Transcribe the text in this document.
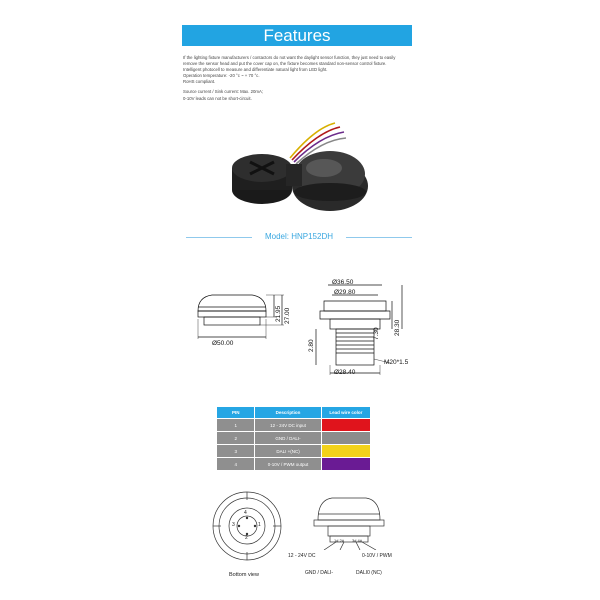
Features

If the lighting fixture manufacturers / contactors do not want the daylight sensor function, they just need to easily
remove the sensor head and put the cover cap on, the fixture becomes standard non-sensor control fixture.
Intelligent photocell to measure and differentiate natural light from LED light.
Operation temperature: -20 °c ~ + 70 °c.
RoHS compliant.

Source current / Sink current: Max. 20mA;
0-10V leads can not be short-circuit.

Model: HNP152DH
Ø50.00
21.95 27.00
Ø36.50
Ø29.80
Ø28.40
28.30
7.30
2.80
M20*1.5
PIN	Description	Lead wire color
1	12 - 24V DC input	
2	GND / DALI-	
3	DALI +(NC)	
4	0-10V / PWM output	
4
3	1
2
Bottom view
1# 2# 3# 4#
12 - 24V DC	0-10V / PWM
GND / DALI-	DALI0 (NC)
